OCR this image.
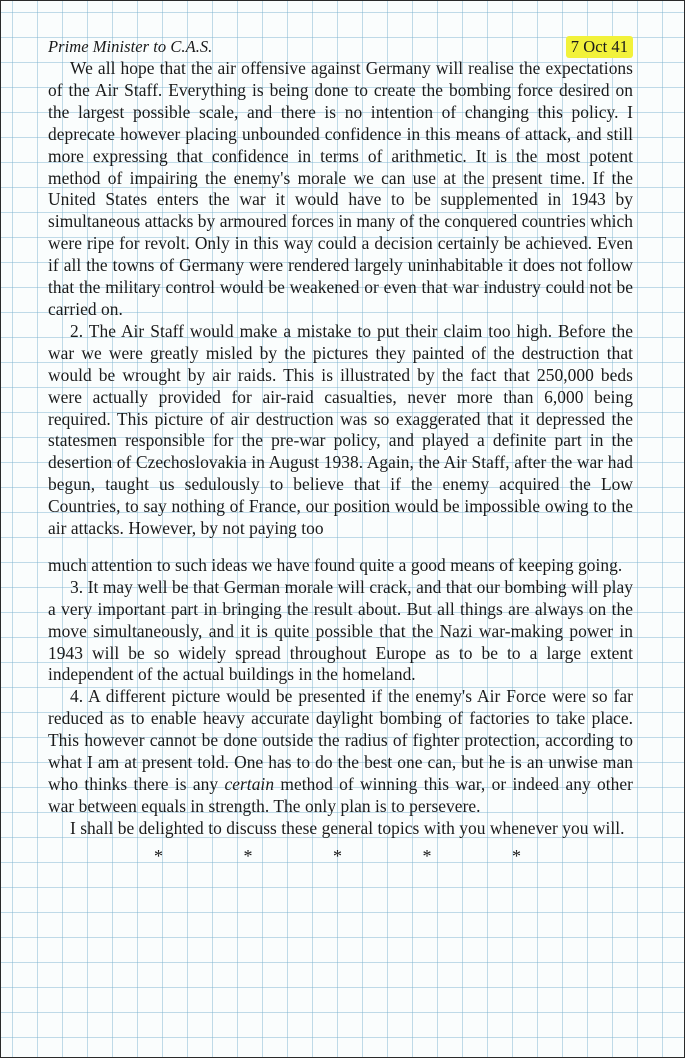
Prime Minister to C.A.S.	7 Oct 41

We all hope that the air offensive against Germany will realise the expectations of the Air Staff. Everything is being done to create the bombing force desired on the largest possible scale, and there is no intention of changing this policy. I deprecate however placing unbounded confidence in this means of attack, and still more expressing that confidence in terms of arithmetic. It is the most potent method of impairing the enemy's morale we can use at the present time. If the United States enters the war it would have to be supplemented in 1943 by simultaneous attacks by armoured forces in many of the conquered countries which were ripe for revolt. Only in this way could a decision certainly be achieved. Even if all the towns of Germany were rendered largely uninhabitable it does not follow that the military control would be weakened or even that war industry could not be carried on.

2. The Air Staff would make a mistake to put their claim too high. Before the war we were greatly misled by the pictures they painted of the destruction that would be wrought by air raids. This is illustrated by the fact that 250,000 beds were actually provided for air-raid casualties, never more than 6,000 being required. This picture of air destruction was so exaggerated that it depressed the statesmen responsible for the pre-war policy, and played a definite part in the desertion of Czechoslovakia in August 1938. Again, the Air Staff, after the war had begun, taught us sedulously to believe that if the enemy acquired the Low Countries, to say nothing of France, our position would be impossible owing to the air attacks. However, by not paying too

much attention to such ideas we have found quite a good means of keeping going.

3. It may well be that German morale will crack, and that our bombing will play a very important part in bringing the result about. But all things are always on the move simultaneously, and it is quite possible that the Nazi war-making power in 1943 will be so widely spread throughout Europe as to be to a large extent independent of the actual buildings in the homeland.

4. A different picture would be presented if the enemy's Air Force were so far reduced as to enable heavy accurate daylight bombing of factories to take place. This however cannot be done outside the radius of fighter protection, according to what I am at present told. One has to do the best one can, but he is an unwise man who thinks there is any certain method of winning this war, or indeed any other war between equals in strength. The only plan is to persevere.

I shall be delighted to discuss these general topics with you whenever you will.

* * * * *
